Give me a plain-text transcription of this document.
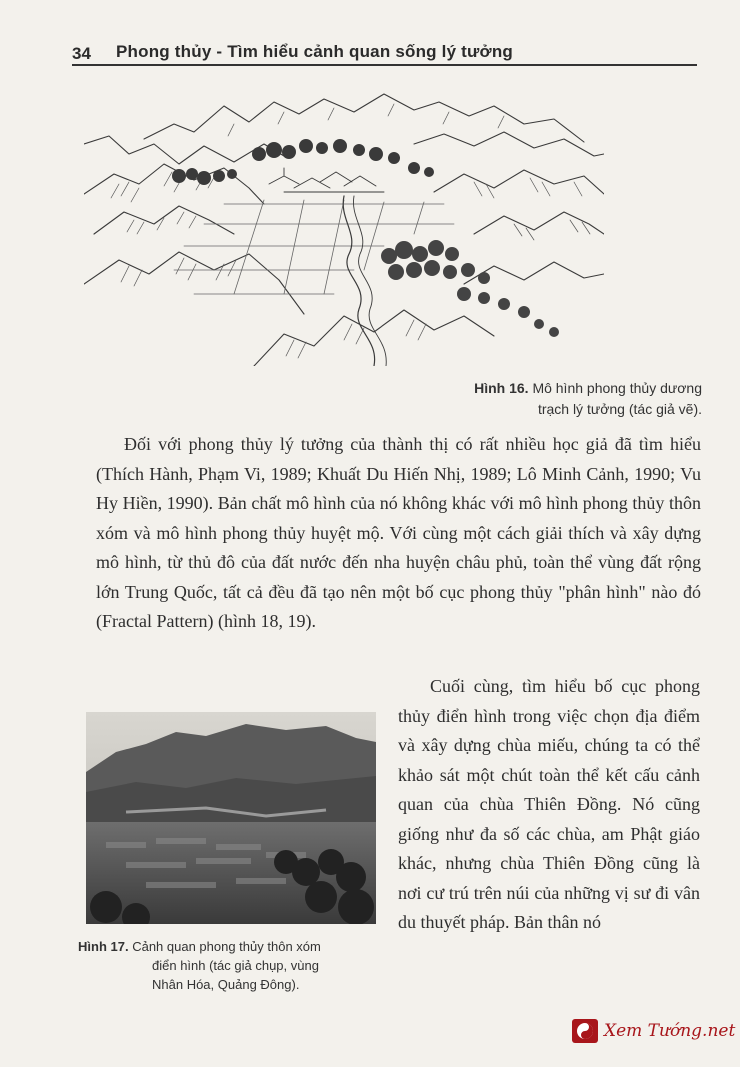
34 Phong thủy - Tìm hiểu cảnh quan sống lý tưởng
Hình 16. Mô hình phong thủy dương
trạch lý tưởng (tác giả vẽ).

Đối với phong thủy lý tưởng của thành thị có rất nhiều học giả đã tìm hiểu (Thích Hành, Phạm Vi, 1989; Khuất Du Hiến Nhị, 1989; Lô Minh Cảnh, 1990; Vu Hy Hiền, 1990). Bản chất mô hình của nó không khác với mô hình phong thủy thôn xóm và mô hình phong thủy huyệt mộ. Với cùng một cách giải thích và xây dựng mô hình, từ thủ đô của đất nước đến nha huyện châu phủ, toàn thể vùng đất rộng lớn Trung Quốc, tất cả đều đã tạo nên một bố cục phong thủy "phân hình" nào đó (Fractal Pattern) (hình 18, 19).

Hình 17. Cảnh quan phong thủy thôn xóm
điển hình (tác giả chụp, vùng
Nhân Hóa, Quảng Đông).

Cuối cùng, tìm hiểu bố cục phong thủy điển hình trong việc chọn địa điểm và xây dựng chùa miếu, chúng ta có thể khảo sát một chút toàn thể kết cấu cảnh quan của chùa Thiên Đồng. Nó cũng giống như đa số các chùa, am Phật giáo khác, nhưng chùa Thiên Đồng cũng là nơi cư trú trên núi của những vị sư đi vân du thuyết pháp. Bản thân nó

Xem Tướng.net
